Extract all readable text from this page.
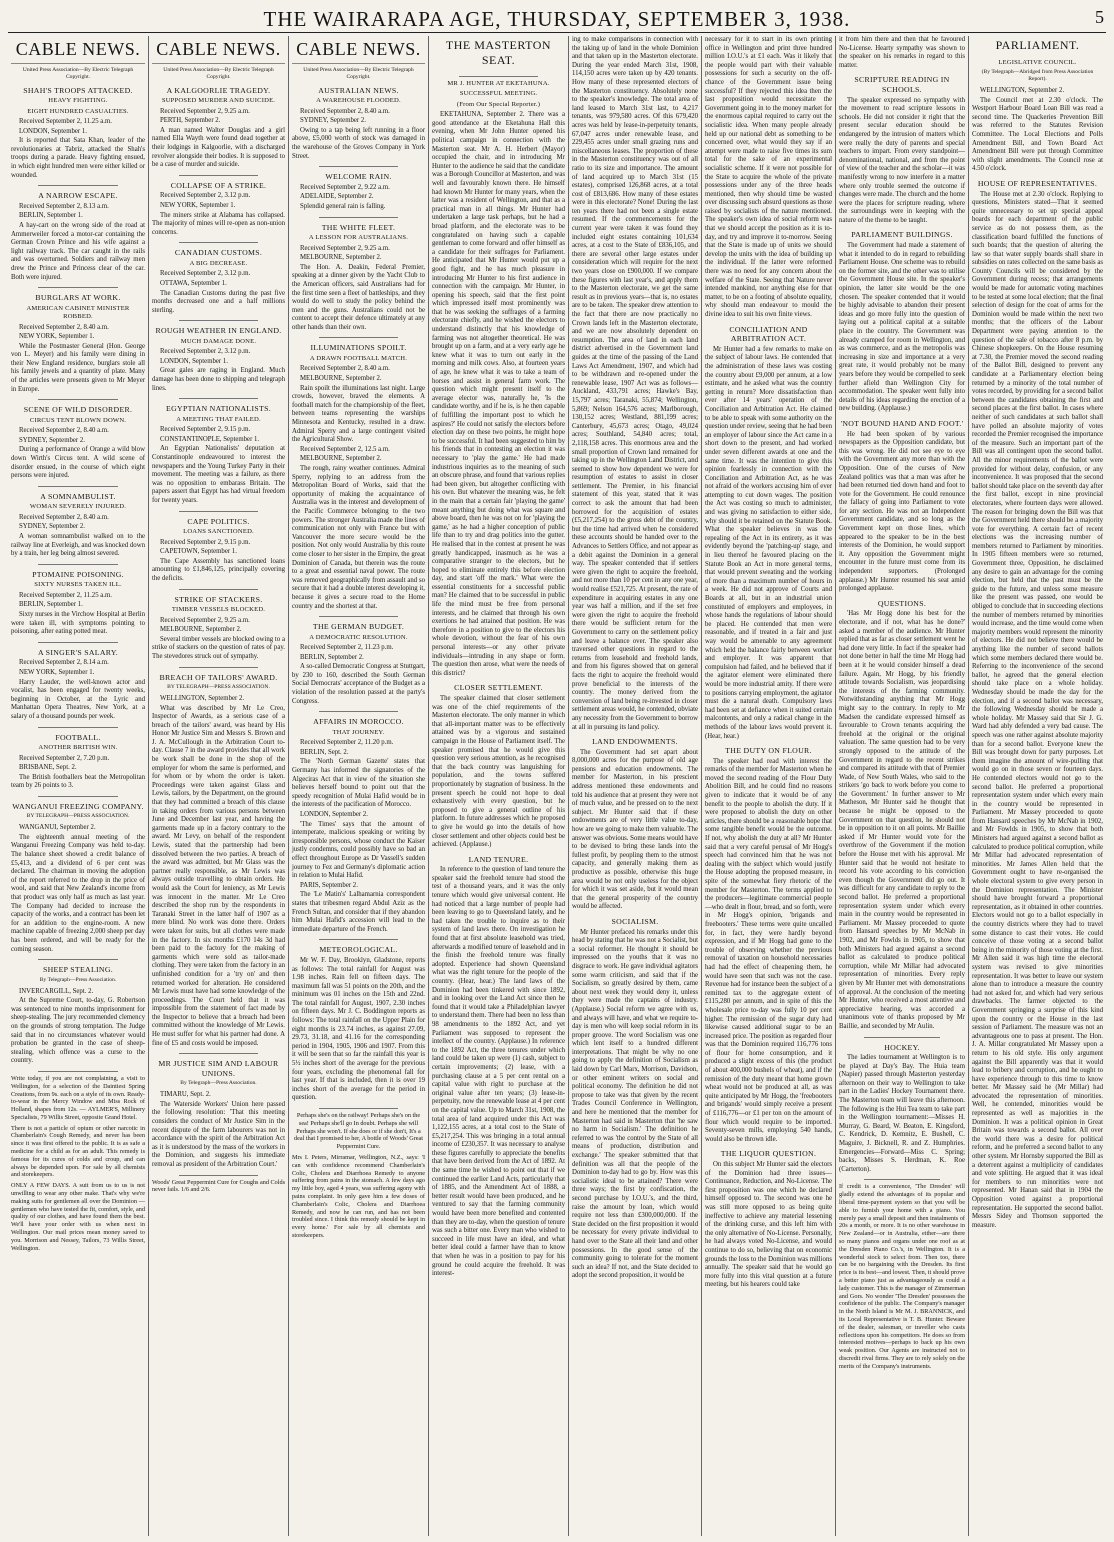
THE WAIRARAPA AGE, THURSDAY, SEPTEMBER 3, 1938.	5
CABLE NEWS.
United Press Association—By Electric Telegraph Copyright.
SHAH'S TROOPS ATTACKED.
HEAVY FIGHTING.
EIGHT HUNDRED CASUALTIES.
Received September 2, 11.25 a.m.
LONDON, September 1.

It is reported that Sata Khan, leader of the revolutionaries at Tabriz, attacked the Shah's troops during a parade. Heavy fighting ensued, in which eight hundred men were either killed or wounded.

A NARROW ESCAPE.
Received September 2, 8.13 a.m.
BERLIN, September 1.

A hay-cart on the wrong side of the road at Ammerweiler forced a motor-car containing the German Crown Prince and his wife against a light railway track. The car caught in the rails and was overturned. Soldiers and railway men drew the Prince and Princess clear of the car. Both were injured.

BURGLARS AT WORK.
AMERICAN CABINET MINISTER ROBBED.
Received September 2, 8.40 a.m.
NEW YORK, September 1.

While the Postmaster General (Hon. George von L. Meyer) and his family were dining in their New England residence, burglars stole all his family jewels and a quantity of plate. Many of the articles were presents given to Mr Meyer in Europe.

SCENE OF WILD DISORDER.
CIRCUS TENT BLOWN DOWN.
Received September 2, 8.40 a.m.
SYDNEY, September 2.

During a performance of Orange a wild blow down Wirth's Circus tent. A wild scene of disorder ensued, in the course of which eight persons were injured.

A SOMNAMBULIST.
WOMAN SEVERELY INJURED.
Received September 2, 8.40 a.m.
SYDNEY, September 2.

A woman somnambulist walked on to the railway line at Everleigh, and was knocked down by a train, her leg being almost severed.

PTOMAINE POISONING.
SIXTY NURSES TAKEN ILL.
Received September 2, 11.25 a.m.
BERLIN, September 1.

Sixty nurses in the Virchow Hospital at Berlin were taken ill, with symptoms pointing to poisoning, after eating potted meat.

A SINGER'S SALARY.
Received September 2, 8.14 a.m.
NEW YORK, September 1.

Harry Lauder, the well-known actor and vocalist, has been engaged for twenty weeks, beginning in October, at the Lyric and Manhattan Opera Theatres, New York, at a salary of a thousand pounds per week.

FOOTBALL.
ANOTHER BRITISH WIN.
Received September 2, 7.20 p.m.
BRISBANE, Sept. 2.

The British footballers beat the Metropolitan team by 26 points to 3.

WANGANUI FREEZING COMPANY.
BY TELEGRAPH—PRESS ASSOCIATION.
WANGANUI, September 2.

The eighteenth annual meeting of the Wanganui Freezing Company was held to-day. The balance sheet showed a credit balance of £5,413, and a dividend of 6 per cent was declared. The chairman in moving the adoption of the report referred to the drop in the price of wool, and said that New Zealand's income from that product was only half as much as last year. The Company had decided to increase the capacity of the works, and a contract has been let for an addition to the engine-room. A new machine capable of freezing 2,000 sheep per day has been ordered, and will be ready for the coming season.

SHEEP STEALING.
By Telegraph—Press Association.
INVERCARGILL, Sept. 2.

At the Supreme Court, to-day, G. Robertson was sentenced to nine months imprisonment for sheep-stealing. The jury recommended clemency on the grounds of strong temptation. The Judge said that in no circumstances whatever would probation be granted in the case of sheep-stealing, which offence was a curse to the country.

Write today, if you are not complaining, a visit to Wellington, for a selection of the Daintiest Spring Creations, from 9s. each on a style of its own. Ready-to-wear in the Mercy Window and Miss Rock of Holland, shapes from 12s. — AYLMER'S, Millinery Specialists, 79 Willis Street, opposite Grand Hotel.

There is not a particle of opium or other narcotic in Chamberlain's Cough Remedy, and never has been since it was first offered to the public. It is as safe a medicine for a child as for an adult. This remedy is famous for its cures of colds and croup, and can always be depended upon. For sale by all chemists and storekeepers.

ONLY A FEW DAYS. A suit from us to us is not unwilling to wear any other make. That's why we're making suits for gentlemen all over the Dominion — gentlemen who have tested the fit, comfort, style, and quality of our clothes, and have found them the best. We'll have your order with us when next in Wellington. Our mail prices mean money saved to you. Morrison and Nessey, Tailors, 73 Willis Street, Wellington.

CABLE NEWS.
United Press Association—By Electric Telegraph Copyright.
A KALGOORLIE TRAGEDY.
SUPPOSED MURDER AND SUICIDE.
Received September 2, 9.25 a.m.
PERTH, September 2.

A man named Walter Douglas and a girl named Ella Wayth were found dead together at their lodgings in Kalgoorlie, with a discharged revolver alongside their bodies. It is supposed to be a case of murder and suicide.

COLLAPSE OF A STRIKE.
Received September 2, 3.12 p.m.
NEW YORK, September 1.

The miners strike at Alabama has collapsed. The majority of mines will re-open as non-union concerns.

CANADIAN CUSTOMS.
A BIG DECREASE.
Received September 2, 3.12 p.m.
OTTAWA, September 1.

The Canadian Customs during the past five months decreased one and a half millions sterling.

ROUGH WEATHER IN ENGLAND.
MUCH DAMAGE DONE.
Received September 2, 3.12 p.m.
LONDON, September 1.

Great gales are raging in England. Much damage has been done to shipping and telegraph lines.

EGYPTIAN NATIONALISTS.
A MEETING THAT FAILED.
Received September 2, 9.15 p.m.
CONSTANTINOPLE, September 1.

An Egyptian Nationalists' deputation at Constantinople endeavoured to interest the newspapers and the Young Turkey Party in their movement. The meeting was a failure, as there was no opposition to embarass Britain. The papers assert that Egypt has had virtual freedom for twenty years.

CAPE POLITICS.
LOANS SANCTIONED.
Received September 2, 9.15 p.m.
CAPETOWN, September 1.

The Cape Assembly has sanctioned loans amounting to £1,846,125, principally covering the deficits.

STRIKE OF STACKERS.
TIMBER VESSELS BLOCKED.
Received September 2, 9.25 a.m.
MELBOURNE, September 2.

Several timber vessels are blocked owing to a strike of stackers on the question of rates of pay. The stevedores struck out of sympathy.

BREACH OF TAILORS' AWARD.
BY TELEGRAPH—PRESS ASSOCIATION.
WELLINGTON, September 2.

What was described by Mr Le Creo, Inspector of Awards, as a serious case of a breach of the tailors' award, was heard by His Honor Mr Justice Sim and Messrs S. Brown and J. A. McCullough in the Arbitration Court to-day. Clause 7 in the award provides that all work be work shall be done in the shop of the employer for whom the same is performed, and for whom or by whom the order is taken. Proceedings were taken against Glass and Lewis, tailors, by the Department, on the ground that they had committed a breach of this clause in taking orders from various persons between June and December last year, and having the garments made up in a factory contrary to the award. Mr Levy, on behalf of the respondent Lewis, stated that the partnership had been dissolved between the two parties. A breach of the award was admitted, but Mr Glass was the partner really responsible, as Mr Lewis was always outside travelling to obtain orders. He would ask the Court for leniency, as Mr Lewis was innocent in the matter. Mr Le Creo described the shop run by the respondents in Taranaki Street in the latter half of 1907 as a mere blind. No work was done there. Orders were taken for suits, but all clothes were made in the factory. In six months £170 14s 3d had been paid to the factory for the making of garments which were sold as tailor-made clothing. They were taken from the factory in an unfinished condition for a 'try on' and then returned worked for alteration. He considered Mr Lewis must have had some knowledge of the proceedings. The Court held that it was impossible from the statement of fact made by the Inspector to believe that a breach had been committed without the knowledge of Mr Lewis. He must suffer for what his partner had done. A fine of £5 and costs would be imposed.

MR JUSTICE SIM AND LABOUR UNIONS.
By Telegraph—Press Association.
TIMARU, Sept. 2.

The Waterside Workers' Union here passed the following resolution: 'That this meeting considers the conduct of Mr Justice Sim in the recent dispute of the farm labourers was not in accordance with the spirit of the Arbitration Act as it is understood by the mass of the workers in the Dominion, and suggests his immediate removal as president of the Arbitration Court.'

Woods' Great Peppermint Cure for Coughs and Colds never fails. 1/6 and 2/6.

CABLE NEWS.
United Press Association—By Electric Telegraph Copyright.
AUSTRALIAN NEWS.
A WAREHOUSE FLOODED.
Received September 2, 8.40 a.m.
SYDNEY, September 2.

Owing to a tap being left running in a floor above, £5,000 worth of stock was damaged in the warehouse of the Groves Company in York Street.

WELCOME RAIN.
Received September 2, 9.22 a.m.
ADELAIDE, September 2.

Splendid general rain is falling.

THE WHITE FLEET.
A LESSON FOR AUSTRALIANS.
Received September 2, 9.25 a.m.
MELBOURNE, September 2.

The Hon. A. Deakin, Federal Premier, speaking at a dinner given by the Yacht Club to the American officers, said Australians had for the first time seen a fleet of battleships, and they would do well to study the policy behind the men and the guns. Australians could not be content to accept their defence ultimately at any other hands than their own.

ILLUMINATIONS SPOILT.
A DRAWN FOOTBALL MATCH.
Received September 2, 8.40 a.m.
MELBOURNE, September 2.

Rain spoilt the illuminations last night. Large crowds, however, braved the elements. A football match for the championship of the fleet, between teams representing the warships Minnesota and Kentucky, resulted in a draw. Admiral Sperry and a large contingent visited the Agricultural Show.

Received September 2, 12.5 a.m.
MELBOURNE, September 2.

The rough, rainy weather continues. Admiral Sperry, replying to an address from the Metropolitan Board of Works, said that the opportunity of making the acquaintance of Australia was in the interest and development of the Pacific Commerce belonging to the two powers. The stronger Australia made the lines of communication not only with France but with Vancouver the more secure would be the position. Not only would Australia by this route come closer to her sister in the Empire, the great Dominion of Canada, but therein was the route to a great and essential naval power. The route was removed geographically from assault and so secure that it had a double interest developing it, because it gives a secure road to the Home country and the shortest at that.

THE GERMAN BUDGET.
A DEMOCRATIC RESOLUTION.
Received September 2, 11.23 p.m.
BERLIN, September 2.

A so-called Democratic Congress at Stuttgart, by 230 to 160, described the South German Social Democrats' acceptance of the Budget as a violation of the resolution passed at the party's Congress.

AFFAIRS IN MOROCCO.
THAT JOURNEY.
Received September 2, 11.20 p.m.
BERLIN, Sept. 2.

The 'North German Gazette' states that Germany has informed the signatories of the Algeciras Act that in view of the situation she believes herself bound to point out that the speedy recognition of Mulai Hafid would be in the interests of the pacification of Morocco.

LONDON, September 2.

'The Times' says that the amount of intemperate, malicious speaking or writing by irresponsible persons, whose conduct the Kaiser justly condemns, could possibly have so bad an effect throughout Europe as Dr Vassell's sudden journey to Fez and Germany's diplomatic action in relation to Mulai Hafid.

PARIS, September 2.

The 'Le Matin's' Lalhamarnia correspondent states that tribesmen regard Abdul Aziz as the French Sultan, and consider that if they abandon him Mulai Hafid's accession will lead to the immediate departure of the French.

METEOROLOGICAL.

Mr W. F. Day, Brooklyn, Gladstone, reports as follows: The total rainfall for August was 1.98 inches. Rain fell on fifteen days. The maximum fall was 51 points on the 20th, and the minimum was 01 inches on the 15th and 22nd. The total rainfall for August, 1907, 2.30 inches on fifteen days. Mr J. C. Boddington reports as follows: The total rainfall on the Upper Plain for eight months is 23.74 inches, as against 27.09, 29.73, 31.18, and 41.16 for the corresponding period in 1904, 1905, 1906 and 1907. From this it will be seen that so far the rainfall this year is 5½ inches short of the average for the previous four years, excluding the phenomenal fall for last year. If that is included, then it is over 19 inches short of the average for the period in question.

Perhaps she's on the railway! Perhaps she's on the sea! Perhaps she'll go In doubt. Perhaps she will Perhaps she won't. If she does or if she don't, It's a deal that I promised to her, A bottle of Woods' Great Peppermint Cure.

Mrs I. Peters, Mirramar, Wellington, N.Z., says: 'I can with confidence recommend Chamberlain's Colic, Cholera and Diarrhoea Remedy to anyone suffering from pains in the stomach. A few days ago my little boy, aged 4 years, was suffering agony with pains complaint. In only gave him a few doses of Chamberlain's Colic, Cholera and Diarrhoea Remedy, and now he can run, and has not been troubled since. I think this remedy should be kept in every home.' For sale by all chemists and storekeepers.

THE MASTERTON SEAT.
MR J. HUNTER AT EKETAHUNA.
SUCCESSFUL MEETING.
(From Our Special Reporter.)

EKETAHUNA, September 2. There was a good attendance at the Eketahuna Hall this evening, when Mr John Hunter opened his political campaign in connection with the Masterton seat. Mr A. H. Herbert (Mayor) occupied the chair, and in introducing Mr Hunter to the audience he said that the candidate was a Borough Councillor at Masterton, and was well and favourably known there. He himself had known Mr Hunter for many years, when the latter was a resident of Wellington, and that as a practical man in all things. Mr Hunter had undertaken a large task perhaps, but he had a broad platform, and the electorate was to be congratulated on having such a capable gentleman to come forward and offer himself as a candidate for their suffrages for Parliament. He anticipated that Mr Hunter would put up a good fight, and he has much pleasure in introducing Mr Hunter to his first audience in connection with the campaign. Mr Hunter, in opening his speech, said that the first point which impressed itself most prominently was that he was seeking the suffrages of a farming electorate chiefly, and he wished the electors to understand distinctly that his knowledge of farming was not altogether theoretical. He was brought up on a farm, and at a very early age he knew what it was to turn out early in the morning and milk cows. Also, at fourteen years of age, he knew what it was to take a team of horses and assist in general farm work. The question which might present itself to the average elector was, naturally he, 'Is the candidate worthy, and if he is, is he then capable of fulfilling the important post to which he aspires?' He could not satisfy the electors before election day on these two points, he might hope to be successful. It had been suggested to him by his friends that in contesting an election it was necessary to 'play the game.' He had made industrious inquiries as to the meaning of such an obscure phrase, and found that various replies had been given, but altogether conflicting with his own. But whatever the meaning was, he felt in the main that a certain fair 'playing the game' meant anything but doing what was square and above board, then he was not on for 'playing the game,' as he had a higher conception of public life than to try and drag politics into the gutter. He realised that in the contest at present he was greatly handicapped, inasmuch as he was a comparative stranger to the electors, but he hoped to eliminate entirely this before election day, and start 'off the mark.' What were the essential constituents for a successful public man? He claimed that to be successful in public life the mind must be free from personal interests, and he claimed that through his own exertions he had attained that position. He was therefore in a position to give to the electors his whole devotion, without the fear of his own personal interests—or any other private individuals—intruding in any shape or form. The question then arose, what were the needs of this district?

CLOSER SETTLEMENT.

The speaker claimed that closer settlement was one of the chief requirements of the Masterton electorate. The only manner in which that all-important matter was to be effectively attained was by a vigorous and sustained campaign in the House of Parliament itself. The speaker promised that he would give this question very serious attention, as he recognised that the back country was languishing for population, and the towns suffered proportionately by stagnation of business. In the present speech he could not hope to deal exhaustively with every question, but he proposed to give a general outline of his platform. In future addresses which he proposed to give he would go into the details of how closer settlement and other objects could best be achieved. (Applause.)

LAND TENURE.

In reference to the question of land tenure the speaker said the freehold tenure had stood the test of a thousand years, and it was the only tenure which would give universal content. He had noticed that a large number of people had been leaving to go to Queensland lately, and he had taken the trouble to inquire as to their system of land laws there. On investigation he found that at first absolute leasehold was tried, afterwards a modified tenure of leasehold and in the finish the freehold tenure was finally adopted. Experience had shown Queensland what was the right tenure for the people of the country. (Hear, hear.) The land laws of the Dominion had been tinkered with since 1892, and in looking over the Land Act since then he found that it would take a Philadelphian lawyer to understand them. There had been no less than 98 amendments to the 1892 Act, and yet Parliament was supposed to represent the intellect of the country. (Applause.) In reference to the 1892 Act, the three tenures under which land could be taken up were (1) cash, subject to certain improvements; (2) lease, with a purchasing clause at a 5 per cent rental on a capital value with right to purchase at the original value after ten years; (3) lease-in-perpetuity, now the renewable lease at 4 per cent on the capital value. Up to March 31st, 1908, the total area of land acquired under this Act was 1,122,155 acres, at a total cost to the State of £5,217,254. This was bringing in a total annual income of £230,357. It was necessary to analyse these figures carefully to appreciate the benefits that have been derived from the Act of 1892. At the same time he wished to point out that if we continued the earlier Land Acts, particularly that of 1885, and the Amendment Act of 1888, a better result would have been produced, and he ventured to say that the farming community would have been more benefited and contented than they are to-day, when the question of tenure was such a bitter one. Every man who wished to succeed in life must have an ideal, and what better ideal could a farmer have than to know that when he was in a position to pay for his ground he could acquire the freehold. It was interest-

ing to make comparisons in connection with the taking up of land in the whole Dominion and that taken up in the Masterton electorate. During the year ended March 31st, 1908, 114,150 acres were taken up by 420 tenants. How many of these represented electors of the Masterton constituency. Absolutely none to the speaker's knowledge. The total area of land leased to March 31st last, to 4,217 tenants, was 979,580 acres. Of this 679,420 acres was held by lease-in-perpetuity tenants, 67,047 acres under renewable lease, and 229,455 acres under small grazing runs and miscellaneous leases. The proportion of these in the Masterton constituency was out of all ratio to its size and importance. The amount of land acquired up to March 31st (15 estates), comprised 126,868 acres, at a total cost of £813,686. How many of these estates were in this electorate? None! During the last ten years there had not been a single estate resumed. If the commencements for the current year were taken it was found they included eight estates containing 101,634 acres, at a cost to the State of £836,105, and there are several other large estates under consideration which will require for the next two years close on £900,000. If we compare these figures with last year's, and apply them to the Masterton electorate, we get the same result as in previous years—that is, no estates are to be taken. The speaker drew attention to the fact that there are now practically no Crown lands left in the Masterton electorate, and we are now absolutely dependent on resumption. The area of land in each land district advertised in the Government land guides at the time of the passing of the Land Laws Act Amendment, 1907, and which had to be withdrawn and re-opened under the renewable lease, 1907 Act was as follows—Auckland, 433,791 acres; Hawke's Bay, 15,797 acres; Taranaki, 55,874; Wellington, 5,869; Nelson 164,576 acres; Marlborough, 130,152 acres; Westland, 881,199 acres; Canterbury, 45,673 acres; Otago, 49,024 acres; Southland, 54,840 acres; total, 2,118,158 acres. This enormous area and the small proportion of Crown land remained for taking up in the Wellington Land District, and seemed to show how dependent we were for resumption of estates to assist in closer settlement. The Premier, in his financial statement of this year, stated that it was correct to ask the amount that had been borrowed for the acquisition of estates (£5,217,254) to the gross debt of the country, but the time had arrived when he considered these accounts should be handed over to the Advances to Settlers Office, and not appear as a debit against the Dominion in a general way. The speaker contended that if settlers were given the right to acquire the freehold, and not more than 10 per cent in any one year, would realise £521,725. At present, the rate of expenditure in acquiring estates in any one year was half a million, and if the set free were given the right to acquire the freehold there would be sufficient return for the Government to carry on the settlement policy and leave a balance over. The speaker also traversed other questions in regard to the returns from leasehold and freehold lands, and from his figures showed that on general facts the right to acquire the freehold would prove beneficial to the interests of the country. The money derived from the conversion of land being re-invested in closer settlement areas would, he contended, obviate any necessity from the Government to borrow at all in pursuing its land policy.

LAND ENDOWMENTS.

The Government had set apart about 8,000,000 acres for the purpose of old age pensions and education endowments. The member for Masterton, in his prescient address mentioned these endowments and told his audience that at present they were not of much value, and he pressed on to the next subject. Mr Hunter said that if these endowments are of very little value to-day, how are we going to make them valuable. The answer was obvious. Some means would have to be devised to bring these lands into the fullest profit, by peopling them to the utmost capacity, and generally making them as productive as possible, otherwise this huge area would be not only useless for the object for which it was set aside, but it would mean that the general prosperity of the country would be affected.

SOCIALISM.

Mr Hunter prefaced his remarks under this head by stating that he was not a Socialist, but a social reformer. He thought it should be impressed on the youths that it was no disgrace to work. He gave individual agitators some warm criticism, and said that if the Socialism, so greatly desired by them, came about next week they would deny it, unless they were made the captains of industry. (Applause.) Social reform we agree with us, and always will have, and what we require to-day is men who will keep social reform in its proper groove. The word Socialism was one which lent itself to a hundred different interpretations. That might be why no one going to apply the definition of Socialism as laid down by Carl Marx, Morrison, Davidson, or other eminent writers on social and political economy. The definition he did not propose to take was that given by the recent Trades Council Conference in Wellington, and here he mentioned that the member for Masterton had said in Masterton that 'he saw no harm in Socialism.' The definition he referred to was 'the control by the State of all means of production, distribution and exchange.' The speaker submitted that that definition was all that the people of the Dominion to-day had to go by. How was this socialistic ideal to be attained? There were three ways; the first by confiscation, the second purchase by I.O.U.'s, and the third, raise the amount by loan, which would require not less than £300,000,000. If the State decided on the first proposition it would be necessary for every private individual to hand over to the State all their land and other possessions. In the good sense of the community going to tolerate for the moment such an idea? If not, and the State decided to adopt the second proposition, it would be

necessary for it to start in its own printing office in Wellington and print three hundred million I.O.U.'s at £1 each. Was it likely that the people would part with their valuable possessions for such a security on the off-chance of the Government issue being successful? If they rejected this idea then the last proposition would necessitate the Government going in to the money market for the enormous capital required to carry out the socialistic idea. When many people already held up our national debt as something to be concerned over, what would they say if an attempt were made to raise five times its sum total for the sake of an experimental socialistic scheme. If it were not possible for the State to acquire the whole of the private possessions under any of the three heads mentioned, then why should time be wasted over discussing such absurd questions as those raised by socialists of the nature mentioned. The speaker's own idea of social reform was that we should accept the position as it is to-day, and try and improve it to-morrow. Seeing that the State is made up of units we should develop the units with the idea of building up the individual. If the latter were reformed there was no need for any concern about the welfare of the State. Seeing that Nature never intended mankind, nor anything else for that matter, to be on a footing of absolute equality, why should man endeavour to mould the divine idea to suit his own finite views.

CONCILIATION AND ARBITRATION ACT.

Mr Hunter had a few remarks to make on the subject of labour laws. He contended that the administration of these laws was costing the country about £9,000 per annum, at a low estimate, and he asked what was the country getting in return? More dissatisfaction than ever after 14 years' operation of the Conciliation and Arbitration Act. He claimed to be able to speak with some authority on the question under review, seeing that he had been an employer of labour since the Act came in a short down to the present, and had worked under seven different awards at one and the same time. It was the intention to give this opinion fearlessly in connection with the Conciliation and Arbitration Act, as he was not afraid of the workers accusing him of ever attempting to cut down wages. The position the Act was costing so much to administer, and was giving no satisfaction to either side, why should it be retained on the Statute Book. What the speaker believes in was the repealing of the Act in its entirety, as it was evidently beyond the 'patching-up' stage, and in lieu thereof he favoured placing on the Statute Book an Act in more general terms, that would prevent sweating and the working of more than a maximum number of hours in a week. He did not approve of Courts and Boards at all, but in an industrial union constituted of employers and employees, in whose hands the regulations of labour should be placed. He contended that men were reasonable, and if treated in a fair and just way would be amenable to any agreement which held the balance fairly between worker and employer. It was apparent that compulsion had failed, and he believed that if the agitator element were eliminated there would be more industrial amity. If there were to positions carrying employment, the agitator must die a natural death. Compulsory laws had been set at defiance when it suited certain malcontents, and only a radical change in the methods of the labour laws would prevent it. (Hear, hear.)

THE DUTY ON FLOUR.

The speaker had read with interest the remarks of the member for Masterton when he moved the second reading of the Flour Duty Abolition Bill, and he could find no reasons given to indicate that it would be of any benefit to the people to abolish the duty. If it were proposed to abolish the duty on other articles, there should be a reasonable hope that some tangible benefit would be the outcome. If not, why abolish the duty at all? Mr Hunter said that a very careful perusal of Mr Hogg's speech had convinced him that he was not dealing with the subject which would justify the House adopting the proposed measure, in spite of the somewhat fiery rhetoric of the member for Masterton. The terms applied to the producers—legitimate commercial people—who dealt in flour, bread, and so forth, were in Mr Hogg's opinion, 'brigands and freebooters.' These terms were quite uncalled for, in fact, they were hardly beyond expression, and if Mr Hogg had gone to the trouble of observing whether the previous removal of taxation on household necessaries had had the effect of cheapening them, he would have seen that such was not the case. Revenue had for instance been the subject of a remitted tax to the aggregate extent of £115,280 per annum, and in spite of this the wholesale price to-day was fully 10 per cent higher. The remission of the sugar duty had likewise caused additional sugar to be an increased price. The position as regarded flour was that the Dominion required 116,776 tons of flour for home consumption, and it produced a slight excess of this (the product of about 400,000 bushels of wheat), and if the remission of the duty meant that home grown wheat would not be produced at all, as was quite anticipated by Mr Hogg, the 'freebooters and brigands' would simply receive a present of £116,776—or £1 per ton on the amount of flour which would require to be imported. Seventy-seven mills, employing 540 hands, would also be thrown idle.

THE LIQUOR QUESTION.

On this subject Mr Hunter said the electors of the Dominion had three issues—Continuance, Reduction, and No-License. The first proposition was one which he declared himself opposed to. The second was one he was still more opposed to as being quite ineffective to achieve any material lessening of the drinking curse, and this left him with the only alternative of No-License. Personally, he had always voted No-License, and would continue to do so, believing that on economic grounds the loss to the Dominion was millions annually. The speaker said that he would go more fully into this vital question at a future meeting, but his hearers could take

it from him there and then that he favoured No-License. Hearty sympathy was shown to the speaker on his remarks in regard to this matter.

SCRIPTURE READING IN SCHOOLS.

The speaker expressed no sympathy with the movement to read scripture lessons in schools. He did not consider it right that the present secular education should be endangered by the intrusion of matters which were really the duty of parents and special teachers to impart. From every standpoint—denominational, national, and from the point of view of the teacher and the scholar—it was manifestly wrong to now interfere in a matter where only trouble seemed the outcome if changes were made. The church and the home were the places for scripture reading, where the surroundings were in keeping with the nature of the theme to be taught.

PARLIAMENT BUILDINGS.

The Government had made a statement of what it intended to do in regard to rebuilding Parliament House. One scheme was to rebuild on the former site, and the other was to utilise the Government House site. In the speaker's opinion, the latter site would be the one chosen. The speaker contended that it would be highly advisable to abandon their present ideas and go more fully into the question of laying out a political capital at a suitable place in the country. The Government was already cramped for room in Wellington, and as was commerce, and as the metropolis was increasing in size and importance at a very great rate, it would probably not be many years before they would be compelled to seek further afield than Wellington City for accommodation. The speaker went fully into details of his ideas regarding the erection of a new building. (Applause.)

'NOT BOUND HAND AND FOOT.'

He had been spoken of by various newspapers as the Opposition candidate, but this was wrong. He did not see eye to eye with the Government any more than with the Opposition. One of the curses of New Zealand politics was that a man was after he had been returned tied down hand and foot to vote for the Government. He could renounce the fallacy of going into Parliament to vote for any section. He was not an Independent Government candidate, and so long as the Government kept on those lines, which appeared to the speaker to be in the best interests of the Dominion, he would support it. Any opposition the Government might encounter in the future must come from its independent supporters. (Prolonged applause.) Mr Hunter resumed his seat amid prolonged applause.

QUESTIONS.

'Has Mr Hogg done his best for the electorate, and if not, what has he done?' asked a member of the audience. Mr Hunter replied that as far as closer settlement went he had done very little. In fact if the speaker had not done better in half the time Mr Hogg had been at it he would consider himself a dead failure. Again, Mr Hogg, by his friendly attitude towards Socialism, was jeopardising the interests of the farming community. Notwithstanding anything that Mr Hogg might say to the contrary. In reply to Mr Madsen the candidate expressed himself as favourable to Crown tenants acquiring the freehold at the original or the original valuation. The same question had to be very strongly opposed to the attitude of the Government in regard to the recent strikes and compared its attitude with that of Premier Wade, of New South Wales, who said to the strikers 'go back to work before you come to the Government.' In further answer to Mr Matheson, Mr Hunter said he thought that because he might be opposed to the Government on that question, he should not be in opposition to it on all points. Mr Baillie asked if Mr Hunter would vote for the overthrow of the Government if the motion before the House met with his approval. Mr Hunter said that he would not hesitate to record his vote according to his conviction even though the Government did go out. It was difficult for any candidate to reply to the second ballot. He preferred a proportional representation system under which every main in the country would be represented in Parliament. Mr Massey proceeded to quote from Hansard speeches by Mr McNab in 1902, and Mr Fowlds in 1905, to show that both Ministers had argued against a second ballot as calculated to produce political corruption, while Mr Millar had advocated representation of minorities. Every reply given by Mr Hunter met with demonstrations of approval. At the conclusion of the meeting Mr Hunter, who received a most attentive and appreciative hearing, was accorded a unanimous vote of thanks proposed by Mr Baillie, and seconded by Mr Aulin.

HOCKEY.

The ladies tournament at Wellington is to be played at Day's Bay. The Huia team (Napier) passed through Masterton yesterday afternoon on their way to Wellington to take part in the Ladies' Hockey Tournament there. The Masterton team will leave this afternoon. The following is the Hui Tea team to take part in the Wellington tournament:—Misses H. Murray, G. Beard, W. Beaton, E. Kingsford, C. Kendrick, D. Kemnitz, E. Bushell, C. Maguire, J. Bicknell, R. and Z. Humphries. Emergencies—Forward—Miss C. Spring; backs, Misses S. Herdman, K. Roe (Carterton).

If credit is a convenience, 'The Dresden' will gladly extend the advantages of its popular and liberal time-payment system so that you will be able to furnish your home with a piano. You merely pay a small deposit and then instalments of 20s a month, or more. It is no other warehouse in New Zealand—or in Australia, either—are there so many pianos and organs under one roof as at the Dresden Piano Co.'s, in Wellington. It is a wonderful stock to select from. Then too, there can be no bargaining with the Dresden. Its first price is its best—and lowest. Then, it should prove a better piano just as advantageously as could a lady customer. This is the manager of Zimmerman and Gors. No wonder 'The Dresden' possesses the confidence of the public. The Company's manager in the North Island is Mr M. J. BRANNICK, and its Local Representative is T. B. Hunter. Beware of the dealer, salesman, or traveller who casts reflections upon his competitors. He does so from interested motives—perhaps to back up his own weak position. Our Agents are instructed not to discredit rival firms. They are to rely solely on the merits of the Company's instruments.

PARLIAMENT.
LEGISLATIVE COUNCIL.
(By Telegraph—Abridged from Press Association Report).
WELLINGTON, September 2.

The Council met at 2.30 o'clock. The Westport Harbour Board Loan Bill was read a second time. The Quackeries Prevention Bill was referred to the Statutes Revision Committee. The Local Elections and Polls Amendment Bill, and Town Board Act Amendment Bill were put through Committee with slight amendments. The Council rose at 4.50 o'clock.

HOUSE OF REPRESENTATIVES.

The House met at 2.30 o'clock. Replying to questions, Ministers stated—That it seemed quite unnecessary to set up special appeal boards for each department of the public service as do not possess them, as the classification board fulfilled the functions of such boards; that the question of altering the law so that water supply boards shall share in subsidies on rates collected on the same basis as County Councils will be considered by the Government during recess; that arrangements would be made for automatic voting machines to be tested at some local election; that the final selection of design for the coat of arms for the Dominion would be made within the next two months; that the officers of the Labour Department were paying attention to the question of the sale of tobacco after 8 p.m. by Chinese shopkeepers. On the House resuming at 7.30, the Premier moved the second reading of the Ballot Bill, designed to prevent any candidate at a Parliamentary election being returned by a minority of the total number of votes recorded, by providing for a second ballot between the candidates obtaining the first and second places at the first ballot. In cases where neither of such candidates at such ballot shall have polled an absolute majority of votes recorded the Premier recognised the importance of the measure. Such an important part of the Bill was all contingent upon the second ballot. All the minor requirements of the ballot were provided for without delay, confusion, or any inconvenience. It was proposed that the second ballot should take place on the seventh day after the first ballot, except in nine provincial electorates, where fourteen days were allowed. The reason for bringing down the Bill was that the Government held there should be a majority vote for everything. A certain fact of recent elections was the increasing number of members returned to Parliament by minorities. In 1905 fifteen members were so returned, Government three, Opposition, he disclaimed any desire to gain an advantage for the coming election, but held that the past must be the guide to the future, and unless some measure like the present was passed, one would be obliged to conclude that in succeeding elections the number of members returned by minorities would increase, and the time would come when majority members would represent the minority of electors. He did not believe there would be anything like the number of second ballots which some members declared there would be. Referring to the inconvenience of the second ballot, he agreed that the general election should take place on a whole holiday. Wednesday should be made the day for the election, and if a second ballot was necessary, the following Wednesday should be made a whole holiday. Mr Massey said that Sir J. G. Ward had ably defended a very bad cause. The speech was one rather against absolute majority than for a second ballot. Everyone knew the Bill was brought down for party purposes. Let them imagine the amount of wire-pulling that would go on in those seven or fourteen days. He contended electors would not go to the second ballot. He preferred a proportional representation system under which every main in the country would be represented in Parliament. Mr Massey proceeded to quote from Hansard speeches by Mr McNab in 1902, and Mr Fowlds in 1905, to show that both Ministers had argued against a second ballot as calculated to produce political corruption, while Mr Millar had advocated representation of minorities. Mr James Allen held that the Government ought to have re-organised the whole electoral system to give every person in the Dominion representation. The Minister should have brought forward a proportional representation, as it obtained in other countries. Electors would not go to a ballot especially in the country districts where they had to travel some distance to cast their votes. He could conceive of those voting at a second ballot being in the minority of those voting at the first. Mr Allen said it was high time the electoral system was revised to give minorities representation. It was better to leave our system alone than to introduce a measure the country had not asked for, and which had very serious drawbacks. The farmer objected to the Government springing a surprise of this kind upon the country or the House in the last session of Parliament. The measure was not an advantageous one to pass at present. The Hon. J. A. Millar congratulated Mr Massey upon a return to his old style. His only argument against the Bill apparently was that it would lead to bribery and corruption, and he ought to have experience through to this time to know better. Mr Massey said he (Mr Millar) had advocated the representation of minorities. Well, he contended, minorities would be represented as well as majorities in the Dominion. It was a political opinion in Great Britain was towards a second ballot. All over the world there was a desire for political reform, and he preferred a second ballot to any other system. Mr Hornsby supported the Bill as a deterrent against a multiplicity of candidates and vote splitting. He argued that it was ideal for members to run minorities were not represented. Mr Hanan said that in 1904 the Opposition voted against a proportional representation. He supported the second ballot. Messrs Sidey and Thomson supported the measure.
